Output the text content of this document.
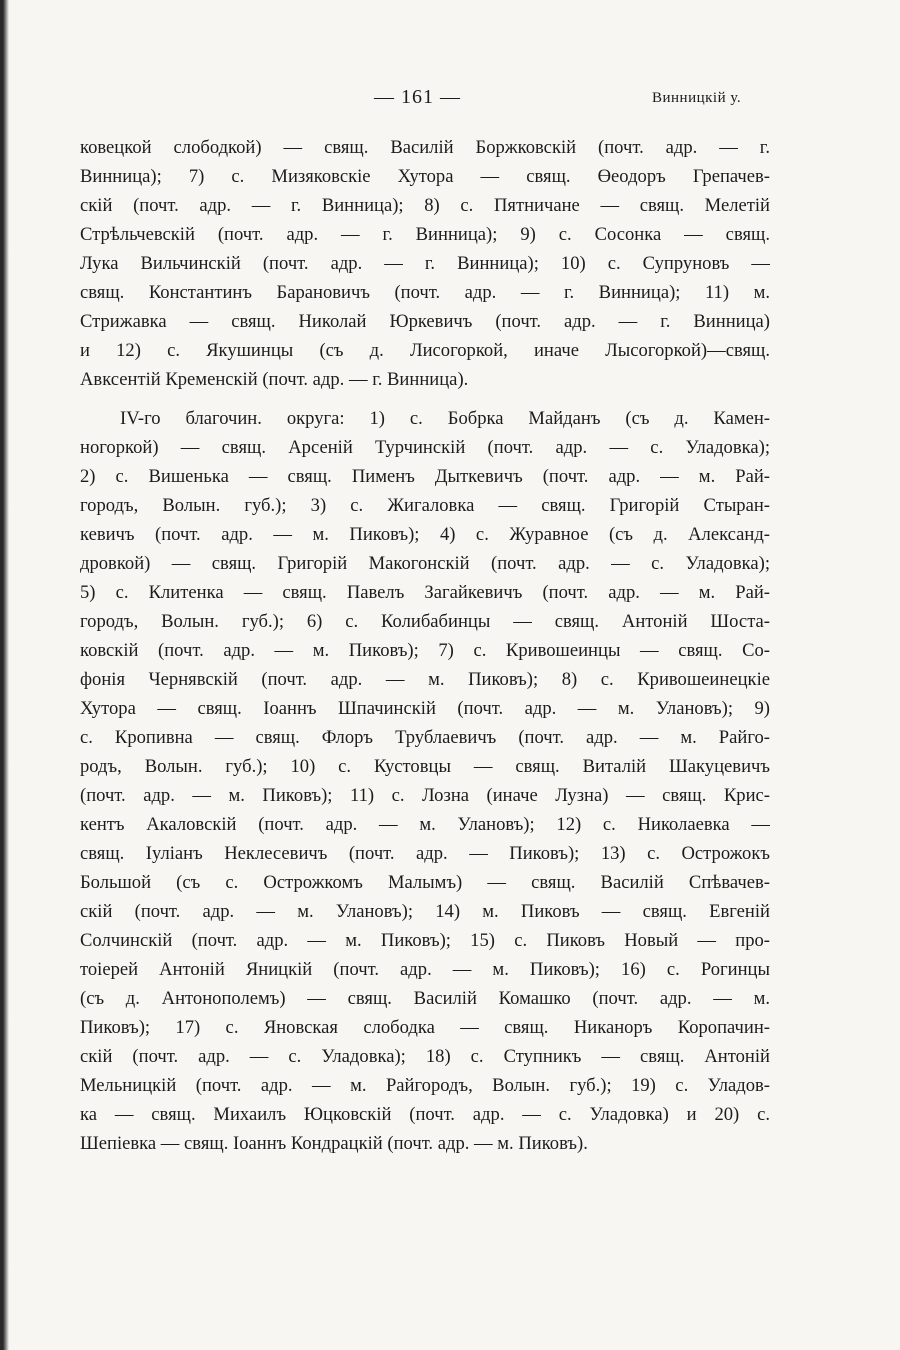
— 161 —	Винницкій у.
ковецкой слободкой) — свящ. Василій Боржковскій (почт. адр. — г.
Винница); 7) с. Мизяковскіе Хутора — свящ. Өеодоръ Грепачев-
скій (почт. адр. — г. Винница); 8) с. Пятничане — свящ. Мелетій
Стрѣльчевскій (почт. адр. — г. Винница); 9) с. Сосонка — свящ.
Лука Вильчинскій (почт. адр. — г. Винница); 10) с. Супруновъ —
свящ. Константинъ Барановичъ (почт. адр. — г. Винница); 11) м.
Стрижавка — свящ. Николай Юркевичъ (почт. адр. — г. Винница)
и 12) с. Якушинцы (съ д. Лисогоркой, иначе Лысогоркой)—свящ.
Авксентій Кременскій (почт. адр. — г. Винница).
IV-го благочин. округа: 1) с. Бобрка Майданъ (съ д. Камен-
ногоркой) — свящ. Арсеній Турчинскій (почт. адр. — с. Уладовка);
2) с. Вишенька — свящ. Пименъ Дыткевичъ (почт. адр. — м. Рай-
городъ, Волын. губ.); 3) с. Жигаловка — свящ. Григорій Стыран-
кевичъ (почт. адр. — м. Пиковъ); 4) с. Журавное (съ д. Александ-
дровкой) — свящ. Григорій Макогонскій (почт. адр. — с. Уладовка);
5) с. Клитенка — свящ. Павелъ Загайкевичъ (почт. адр. — м. Рай-
городъ, Волын. губ.); 6) с. Колибабинцы — свящ. Антоній Шоста-
ковскій (почт. адр. — м. Пиковъ); 7) с. Кривошеинцы — свящ. Со-
фонія Чернявскій (почт. адр. — м. Пиковъ); 8) с. Кривошеинецкіе
Хутора — свящ. Іоаннъ Шпачинскій (почт. адр. — м. Улановъ); 9)
с. Кропивна — свящ. Флоръ Трублаевичъ (почт. адр. — м. Райго-
родъ, Волын. губ.); 10) с. Кустовцы — свящ. Виталій Шакуцевичъ
(почт. адр. — м. Пиковъ); 11) с. Лозна (иначе Лузна) — свящ. Крис-
кентъ Акаловскій (почт. адр. — м. Улановъ); 12) с. Николаевка —
свящ. Іуліанъ Неклесевичъ (почт. адр. — Пиковъ); 13) с. Острожокъ
Большой (съ с. Острожкомъ Малымъ) — свящ. Василій Спѣвачев-
скій (почт. адр. — м. Улановъ); 14) м. Пиковъ — свящ. Евгеній
Солчинскій (почт. адр. — м. Пиковъ); 15) с. Пиковъ Новый — про-
тоіерей Антоній Яницкій (почт. адр. — м. Пиковъ); 16) с. Рогинцы
(съ д. Антонополемъ) — свящ. Василій Комашко (почт. адр. — м.
Пиковъ); 17) с. Яновская слободка — свящ. Никаноръ Коропачин-
скій (почт. адр. — с. Уладовка); 18) с. Ступникъ — свящ. Антоній
Мельницкій (почт. адр. — м. Райгородъ, Волын. губ.); 19) с. Уладов-
ка — свящ. Михаилъ Юцковскій (почт. адр. — с. Уладовка) и 20) с.
Шепіевка — свящ. Іоаннъ Кондрацкій (почт. адр. — м. Пиковъ).
